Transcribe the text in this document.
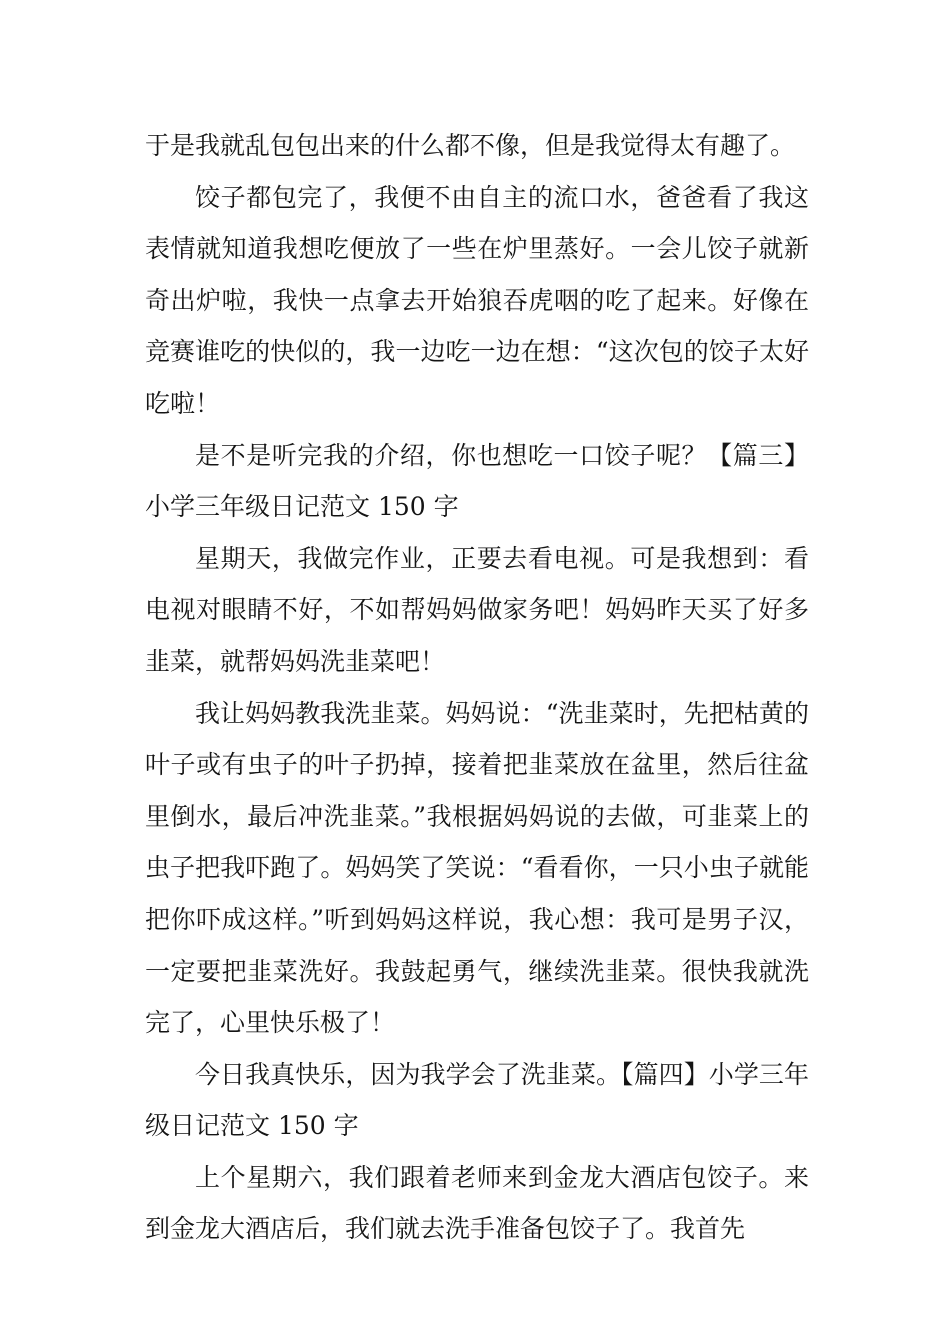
于是我就乱包包出来的什么都不像，但是我觉得太有趣了。

饺子都包完了，我便不由自主的流口水，爸爸看了我这表情就知道我想吃便放了一些在炉里蒸好。一会儿饺子就新奇出炉啦，我快一点拿去开始狼吞虎咽的吃了起来。好像在竞赛谁吃的快似的，我一边吃一边在想：“这次包的饺子太好吃啦！

是不是听完我的介绍，你也想吃一口饺子呢？【篇三】小学三年级日记范文 150 字

星期天，我做完作业，正要去看电视。可是我想到：看电视对眼睛不好，不如帮妈妈做家务吧！妈妈昨天买了好多韭菜，就帮妈妈洗韭菜吧！

我让妈妈教我洗韭菜。妈妈说：“洗韭菜时，先把枯黄的叶子或有虫子的叶子扔掉，接着把韭菜放在盆里，然后往盆里倒水，最后冲洗韭菜。”我根据妈妈说的去做，可韭菜上的虫子把我吓跑了。妈妈笑了笑说：“看看你，一只小虫子就能把你吓成这样。”听到妈妈这样说，我心想：我可是男子汉，一定要把韭菜洗好。我鼓起勇气，继续洗韭菜。很快我就洗完了，心里快乐极了！

今日我真快乐，因为我学会了洗韭菜。【篇四】小学三年级日记范文 150 字

上个星期六，我们跟着老师来到金龙大酒店包饺子。来到金龙大酒店后，我们就去洗手准备包饺子了。我首先
